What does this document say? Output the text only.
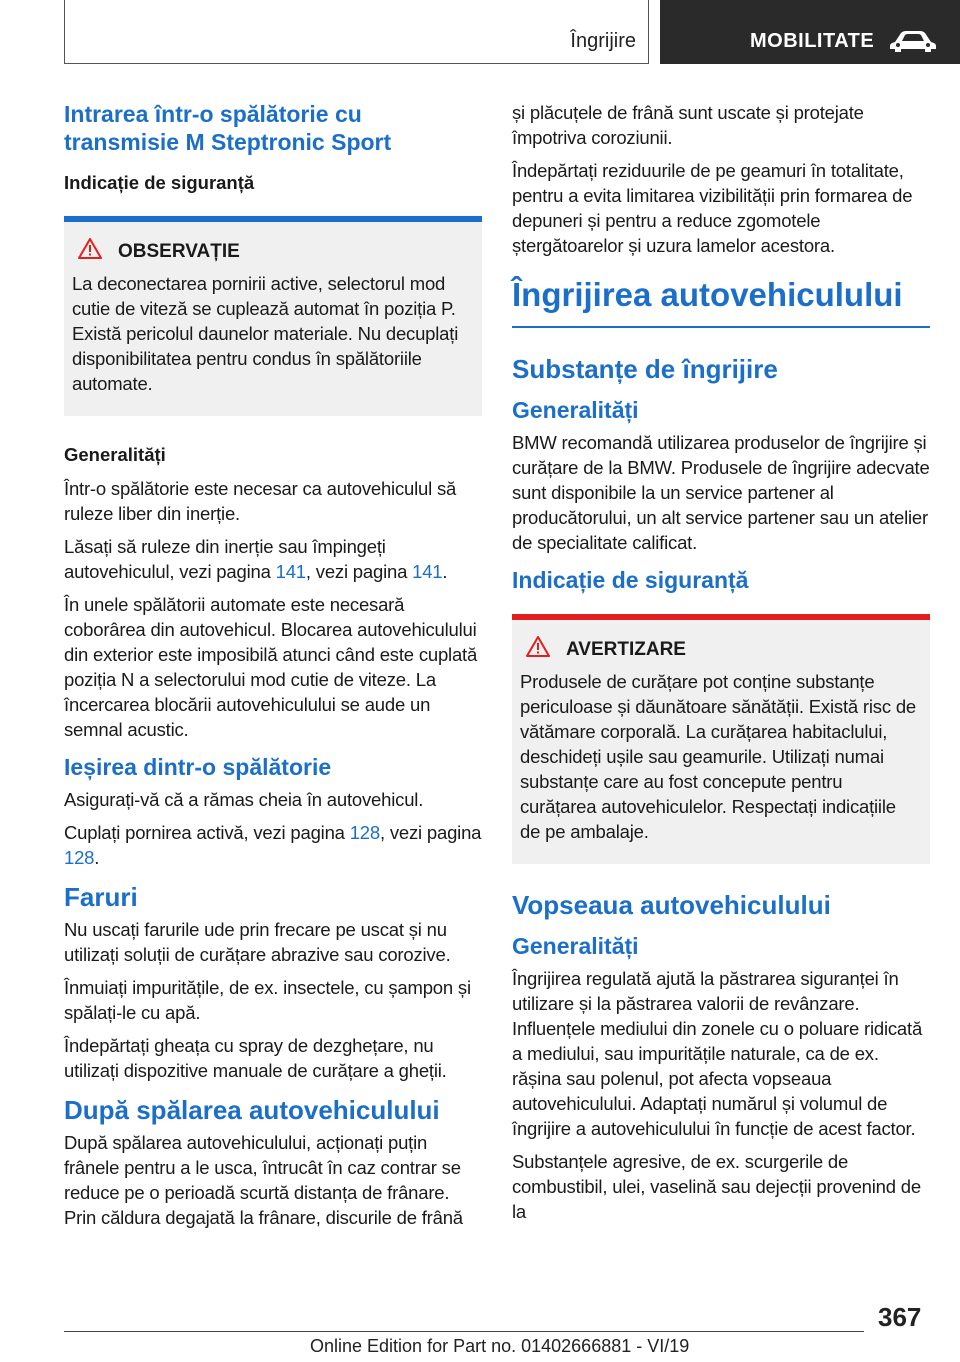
Îngrijire	MOBILITATE
Intrarea într-o spălătorie cu transmisie M Steptronic Sport
Indicație de siguranță
OBSERVAȚIE

La deconectarea pornirii active, selectorul mod cutie de viteză se cuplează automat în poziția P. Există pericolul daunelor materiale. Nu decuplați disponibilitatea pentru condus în spălătoriile automate.

Generalități

Într-o spălătorie este necesar ca autovehiculul să ruleze liber din inerție.

Lăsați să ruleze din inerție sau împingeți autovehiculul, vezi pagina 141, vezi pagina 141.

În unele spălătorii automate este necesară coborârea din autovehicul. Blocarea autovehiculului din exterior este imposibilă atunci când este cuplată poziția N a selectorului mod cutie de viteze. La încercarea blocării autovehiculului se aude un semnal acustic.

Ieșirea dintr-o spălătorie

Asigurați-vă că a rămas cheia în autovehicul.

Cuplați pornirea activă, vezi pagina 128, vezi pagina 128.

Faruri

Nu uscați farurile ude prin frecare pe uscat și nu utilizați soluții de curățare abrazive sau corozive.

Înmuiați impuritățile, de ex. insectele, cu șampon și spălați-le cu apă.

Îndepărtați gheața cu spray de dezghețare, nu utilizați dispozitive manuale de curățare a gheții.

După spălarea autovehiculului

După spălarea autovehiculului, acționați puțin frânele pentru a le usca, întrucât în caz contrar se reduce pe o perioadă scurtă distanța de frânare. Prin căldura degajată la frânare, discurile de frână

și plăcuțele de frână sunt uscate și protejate împotriva coroziunii.

Îndepărtați reziduurile de pe geamuri în totalitate, pentru a evita limitarea vizibilității prin formarea de depuneri și pentru a reduce zgomotele ștergătoarelor și uzura lamelor acestora.

Îngrijirea autovehiculului
Substanțe de îngrijire
Generalități

BMW recomandă utilizarea produselor de îngrijire și curățare de la BMW. Produsele de îngrijire adecvate sunt disponibile la un service partener al producătorului, un alt service partener sau un atelier de specialitate calificat.

Indicație de siguranță
AVERTIZARE

Produsele de curățare pot conține substanțe periculoase și dăunătoare sănătății. Există risc de vătămare corporală. La curățarea habitaclului, deschideți ușile sau geamurile. Utilizați numai substanțe care au fost concepute pentru curățarea autovehiculelor. Respectați indicațiile de pe ambalaje.

Vopseaua autovehiculului
Generalități

Îngrijirea regulată ajută la păstrarea siguranței în utilizare și la păstrarea valorii de revânzare. Influențele mediului din zonele cu o poluare ridicată a mediului, sau impuritățile naturale, ca de ex. rășina sau polenul, pot afecta vopseaua autovehiculului. Adaptați numărul și volumul de îngrijire a autovehiculului în funcție de acest factor.

Substanțele agresive, de ex. scurgerile de combustibil, ulei, vaselină sau dejecții provenind de la

367
Online Edition for Part no. 01402666881 - VI/19
